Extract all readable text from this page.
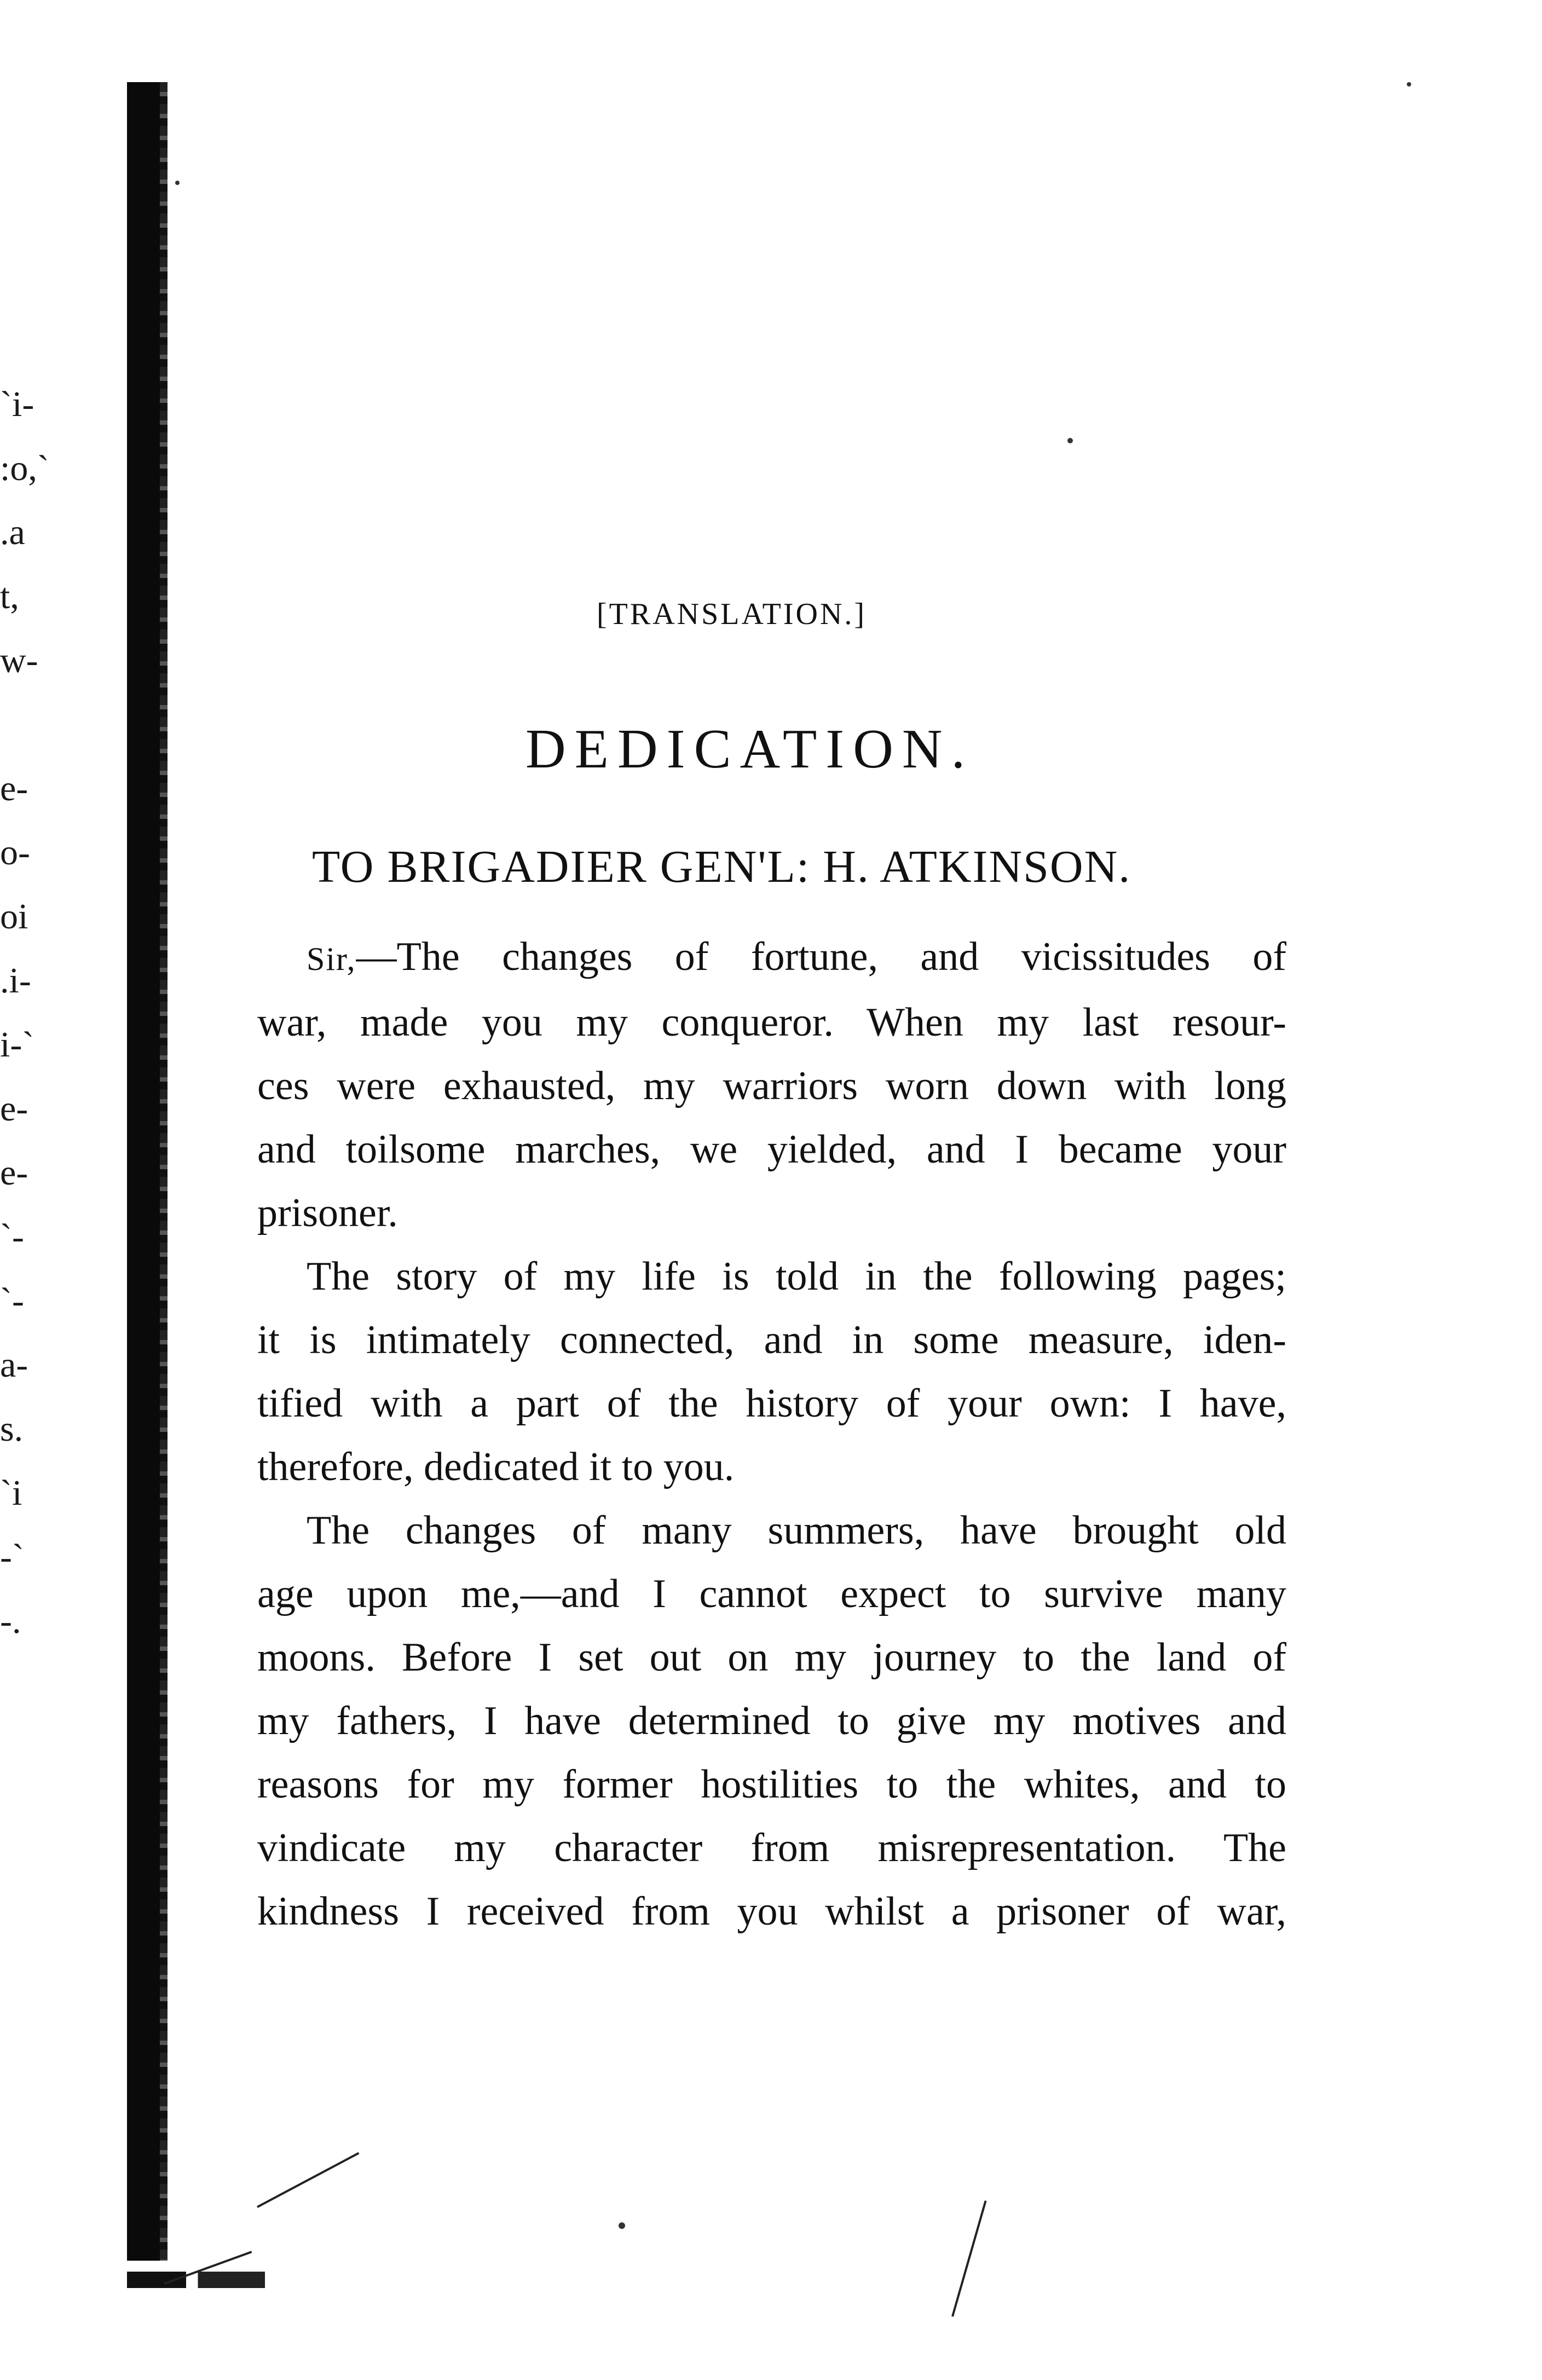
`i-
:o,`
.a
t,
w-

e-
o-
oi
.i-
i-`
e-
e-
`-
`-
a-
s.
`i
-`
-.
[TRANSLATION.]
DEDICATION.
TO BRIGADIER GEN'L: H. ATKINSON.

Sir,—The changes of fortune, and vicissitudes of

war, made you my conqueror. When my last resour-

ces were exhausted, my warriors worn down with long

and toilsome marches, we yielded, and I became your

prisoner.

The story of my life is told in the following pages;

it is intimately connected, and in some measure, iden-

tified with a part of the history of your own: I have,

therefore, dedicated it to you.

The changes of many summers, have brought old

age upon me,—and I cannot expect to survive many

moons. Before I set out on my journey to the land of

my fathers, I have determined to give my motives and

reasons for my former hostilities to the whites, and to

vindicate my character from misrepresentation. The

kindness I received from you whilst a prisoner of war,
